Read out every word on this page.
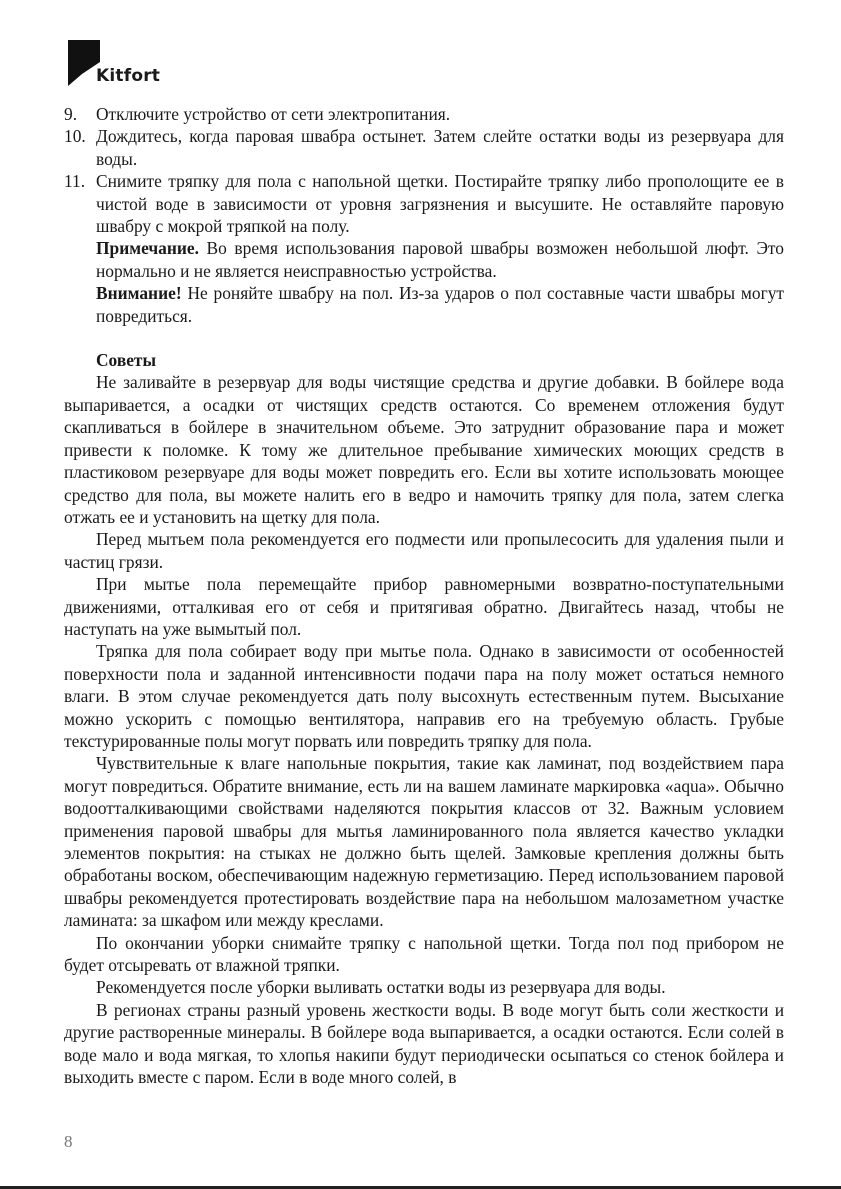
Kitfort
9. Отключите устройство от сети электропитания.

10. Дождитесь, когда паровая швабра остынет. Затем слейте остатки воды из резервуара для воды.

11. Снимите тряпку для пола с напольной щетки. Постирайте тряпку либо прополощите ее в чистой воде в зависимости от уровня загрязнения и высушите. Не оставляйте паровую швабру с мокрой тряпкой на полу.

Примечание. Во время использования паровой швабры возможен небольшой люфт. Это нормально и не является неисправностью устройства.

Внимание! Не роняйте швабру на пол. Из-за ударов о пол составные части швабры могут повредиться.

Советы

Не заливайте в резервуар для воды чистящие средства и другие добавки. В бойлере вода выпаривается, а осадки от чистящих средств остаются. Со временем отложения будут скапливаться в бойлере в значительном объеме. Это затруднит образование пара и может привести к поломке. К тому же длительное пребывание химических моющих средств в пластиковом резервуаре для воды может повредить его. Если вы хотите использовать моющее средство для пола, вы можете налить его в ведро и намочить тряпку для пола, затем слегка отжать ее и установить на щетку для пола.

Перед мытьем пола рекомендуется его подмести или пропылесосить для удаления пыли и частиц грязи.

При мытье пола перемещайте прибор равномерными возвратно-поступательными движениями, отталкивая его от себя и притягивая обратно. Двигайтесь назад, чтобы не наступать на уже вымытый пол.

Тряпка для пола собирает воду при мытье пола. Однако в зависимости от особенностей поверхности пола и заданной интенсивности подачи пара на полу может остаться немного влаги. В этом случае рекомендуется дать полу высохнуть естественным путем. Высыхание можно ускорить с помощью вентилятора, направив его на требуемую область. Грубые текстурированные полы могут порвать или повредить тряпку для пола.

Чувствительные к влаге напольные покрытия, такие как ламинат, под воздействием пара могут повредиться. Обратите внимание, есть ли на вашем ламинате маркировка «aqua». Обычно водоотталкивающими свойствами наделяются покрытия классов от 32. Важным условием применения паровой швабры для мытья ламинированного пола является качество укладки элементов покрытия: на стыках не должно быть щелей. Замковые крепления должны быть обработаны воском, обеспечивающим надежную герметизацию. Перед использованием паровой швабры рекомендуется протестировать воздействие пара на небольшом малозаметном участке ламината: за шкафом или между креслами.

По окончании уборки снимайте тряпку с напольной щетки. Тогда пол под прибором не будет отсыревать от влажной тряпки.

Рекомендуется после уборки выливать остатки воды из резервуара для воды.

В регионах страны разный уровень жесткости воды. В воде могут быть соли жесткости и другие растворенные минералы. В бойлере вода выпаривается, а осадки остаются. Если солей в воде мало и вода мягкая, то хлопья накипи будут периодически осыпаться со стенок бойлера и выходить вместе с паром. Если в воде много солей, в

8
